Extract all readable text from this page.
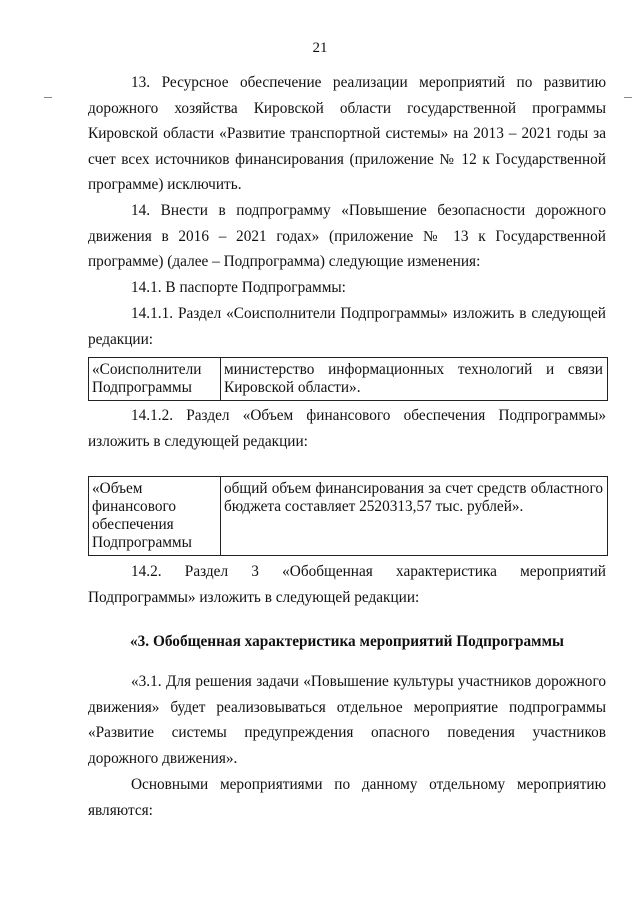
21

13. Ресурсное обеспечение реализации мероприятий по развитию дорожного хозяйства Кировской области государственной программы Кировской области «Развитие транспортной системы» на 2013 – 2021 годы за счет всех источников финансирования (приложение № 12 к Государственной программе) исключить.

14. Внести в подпрограмму «Повышение безопасности дорожного движения в 2016 – 2021 годах» (приложение № 13 к Государственной программе) (далее – Подпрограмма) следующие изменения:

14.1. В паспорте Подпрограммы:

14.1.1. Раздел «Соисполнители Подпрограммы» изложить в следующей редакции:

«Соисполнители Подпрограммы	министерство информационных технологий и связи Кировской области».

14.1.2. Раздел «Объем финансового обеспечения Подпрограммы» изложить в следующей редакции:

«Объем финансового обеспечения Подпрограммы	общий объем финансирования за счет средств областного бюджета составляет 2520313,57 тыс. рублей».

14.2. Раздел 3 «Обобщенная характеристика мероприятий Подпрограммы» изложить в следующей редакции:

«3. Обобщенная характеристика мероприятий Подпрограммы

«3.1. Для решения задачи «Повышение культуры участников дорожного движения» будет реализовываться отдельное мероприятие подпрограммы «Развитие системы предупреждения опасного поведения участников дорожного движения».

Основными мероприятиями по данному отдельному мероприятию являются:
